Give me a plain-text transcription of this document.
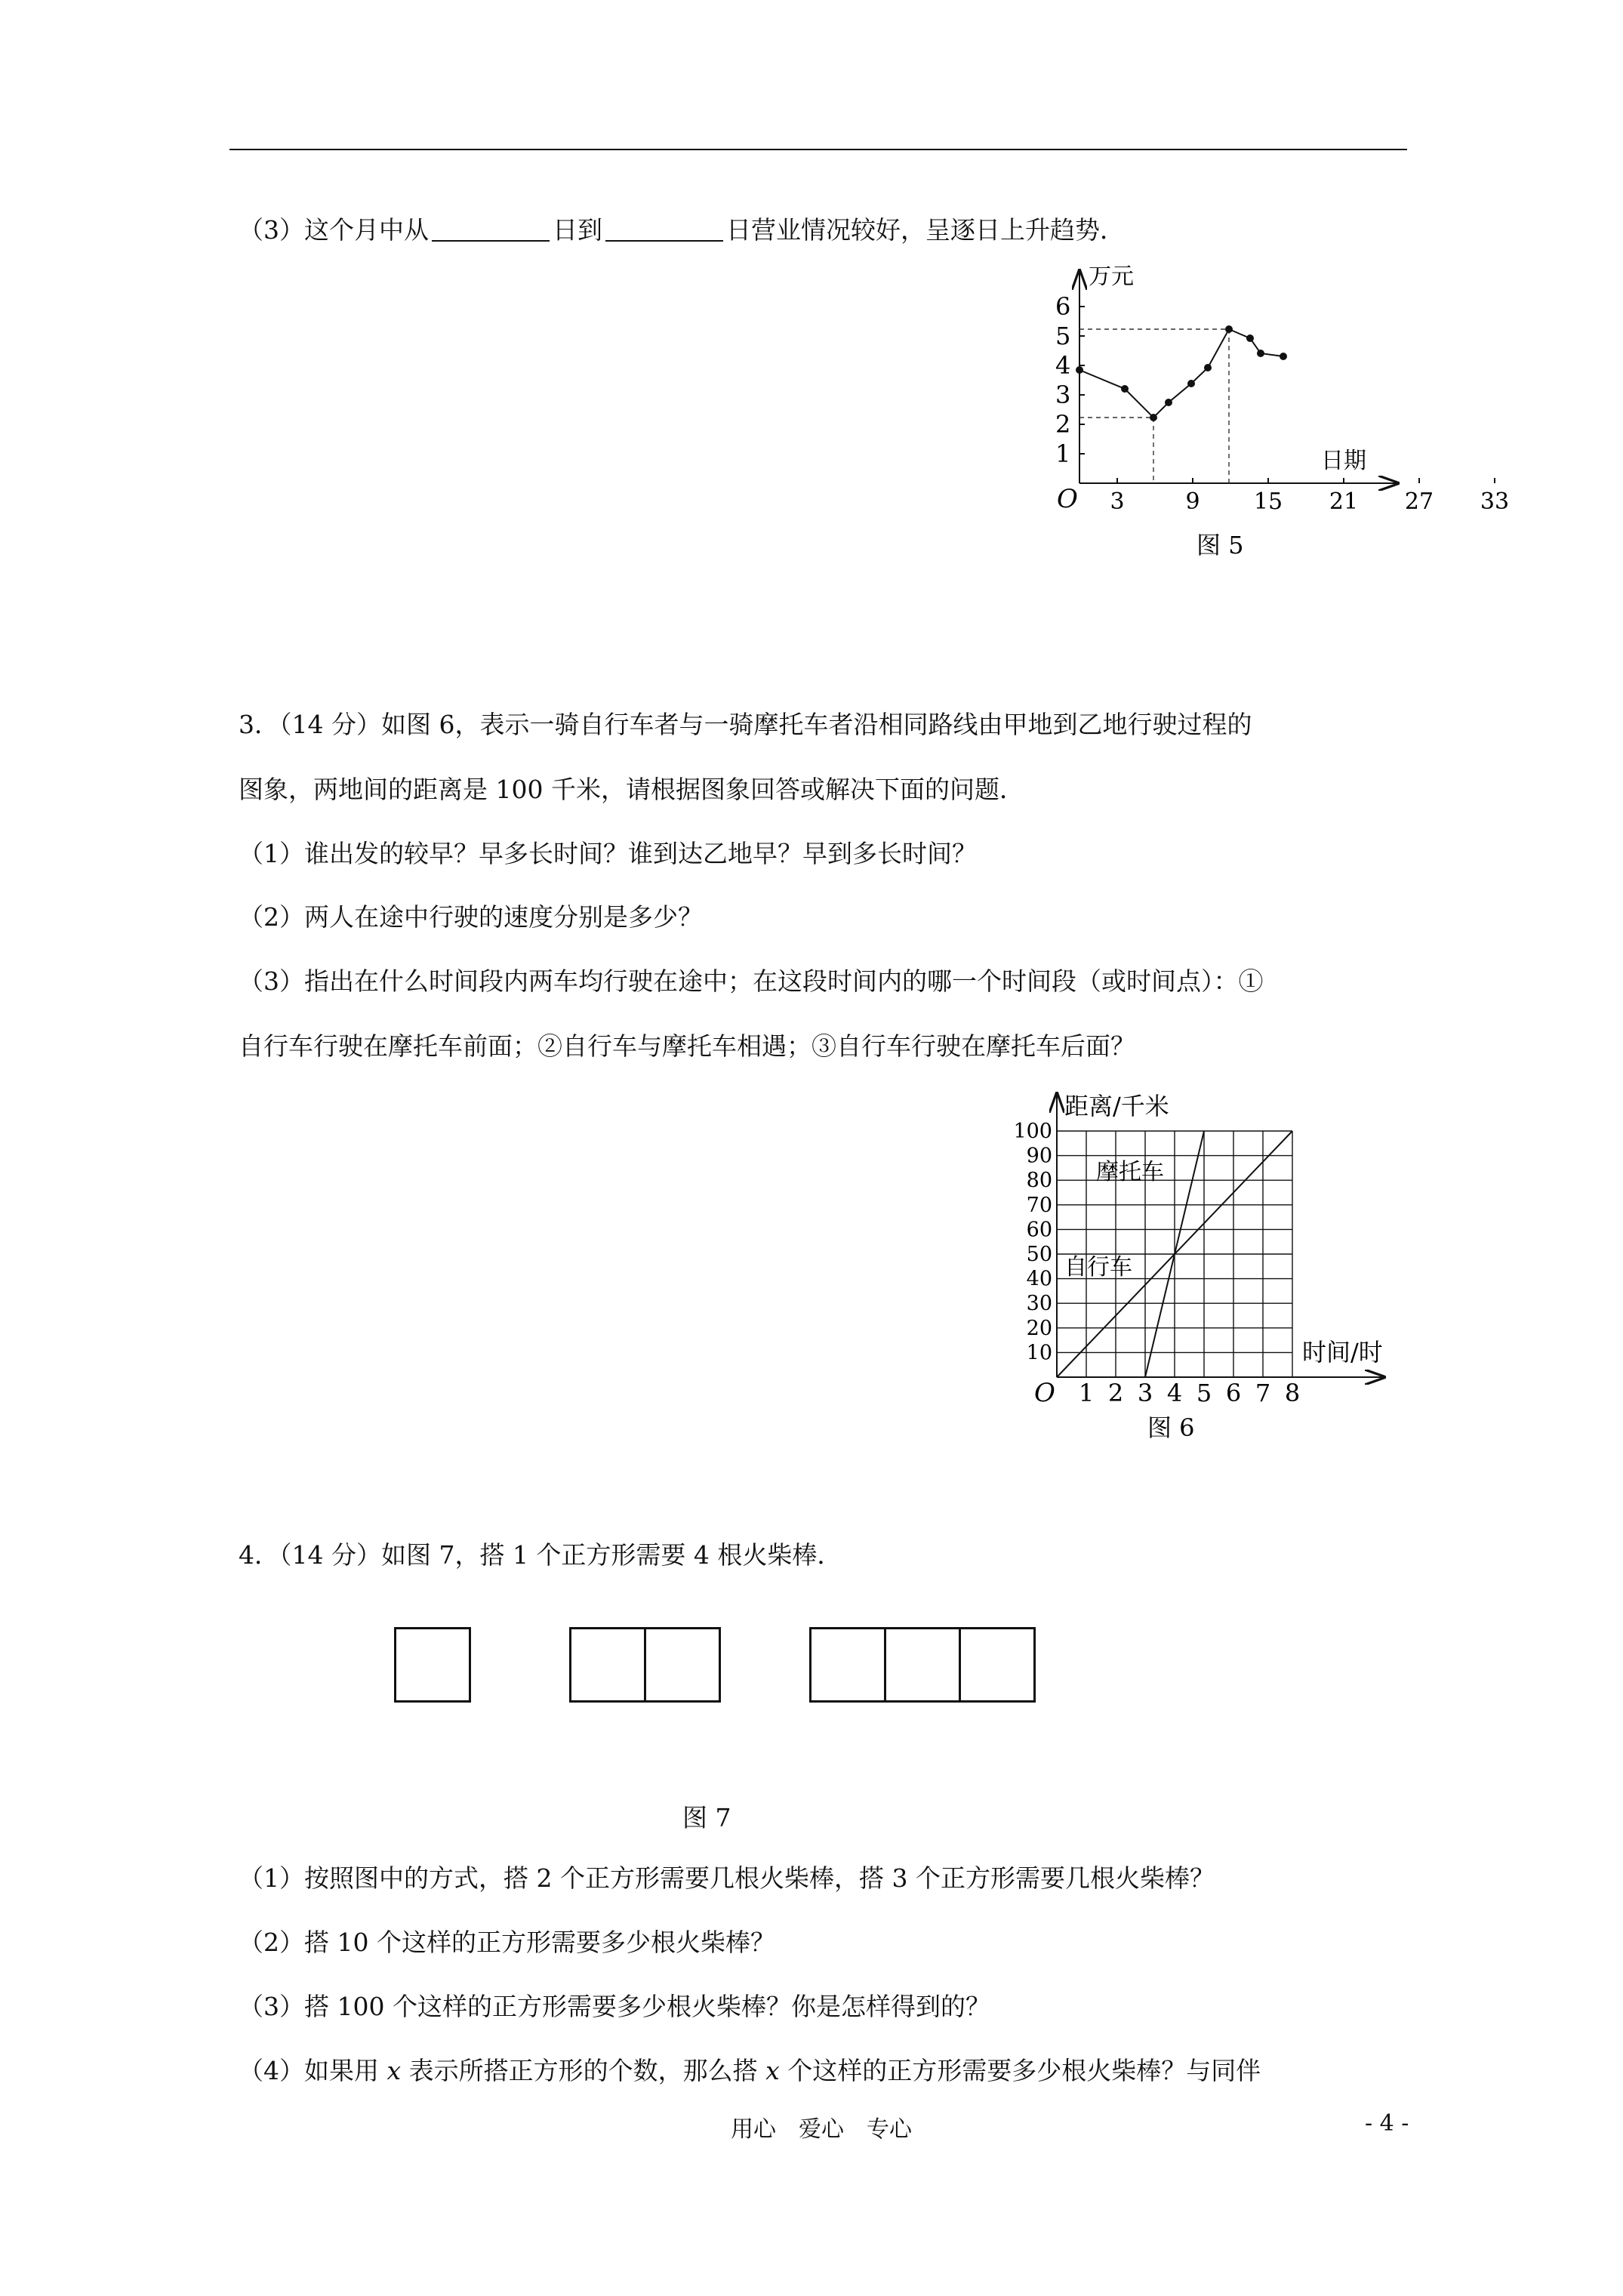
（3）这个月中从	日到	日营业情况较好，呈逐日上升趋势．
1
2
3
4
5
6
3	9 15 21 27 33
万元
日期
O
图 5
3．（14 分）如图 6，表示一骑自行车者与一骑摩托车者沿相同路线由甲地到乙地行驶过程的
图象，两地间的距离是 100 千米，请根据图象回答或解决下面的问题．
（1）谁出发的较早？早多长时间？谁到达乙地早？早到多长时间？
（2）两人在途中行驶的速度分别是多少？
（3）指出在什么时间段内两车均行驶在途中；在这段时间内的哪一个时间段（或时间点）：①
自行车行驶在摩托车前面；②自行车与摩托车相遇；③自行车行驶在摩托车后面？
10
20
30
40
50
60
70
80
90
100
1 2 3 4 5 6 7 8
摩托车
自行车
距离/千米
时间/时
O
图 6
4．（14 分）如图 7，搭 1 个正方形需要 4 根火柴棒．
图 7
（1）按照图中的方式，搭 2 个正方形需要几根火柴棒，搭 3 个正方形需要几根火柴棒？
（2）搭 10 个这样的正方形需要多少根火柴棒？
（3）搭 100 个这样的正方形需要多少根火柴棒？你是怎样得到的？
（4）如果用 x 表示所搭正方形的个数，那么搭 x 个这样的正方形需要多少根火柴棒？与同伴
用心　爱心　专心	- 4 -
